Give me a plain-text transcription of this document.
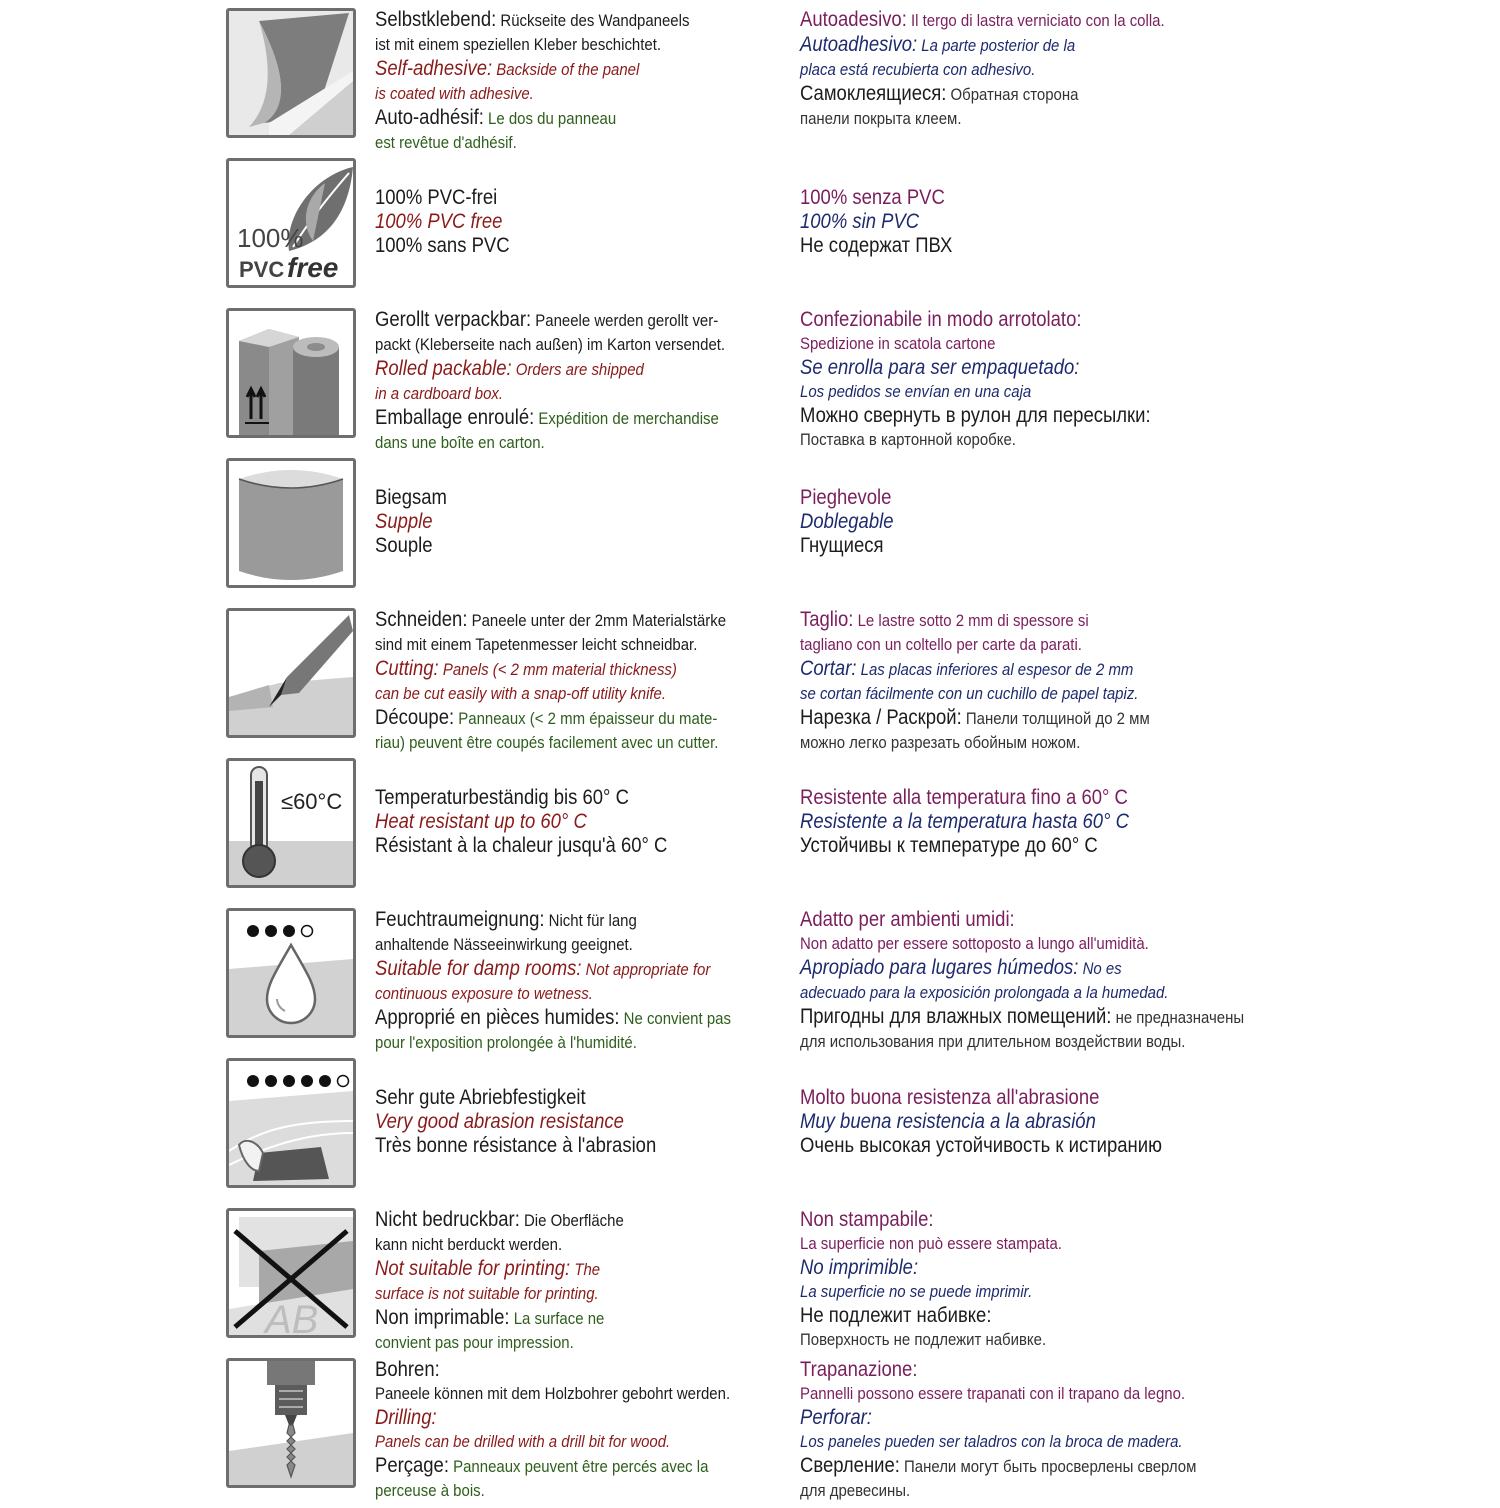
Selbstklebend: Rückseite des Wandpaneels
ist mit einem speziellen Kleber beschichtet.
Self-adhesive: Backside of the panel
is coated with adhesive.
Auto-adhésif: Le dos du panneau
est revêtue d'adhésif.
Autoadesivo: Il tergo di lastra verniciato con la colla.
Autoadhesivo: La parte posterior de la
placa está recubierta con adhesivo.
Самоклеящиеся: Обратная сторона
панели покрыта клеем.
100%
PVC free
100% PVC-frei
100% PVC free
100% sans PVC
100% senza PVC
100% sin PVC
Не содержат ПВХ
Gerollt verpackbar: Paneele werden gerollt ver-
packt (Kleberseite nach außen) im Karton versendet.
Rolled packable: Orders are shipped
in a cardboard box.
Emballage enroulé: Expédition de merchandise
dans une boîte en carton.
Confezionabile in modo arrotolato:
Spedizione in scatola cartone
Se enrolla para ser empaquetado:
Los pedidos se envían en una caja
Можно свернуть в рулон для пересылки:
Поставка в картонной коробке.
Biegsam
Supple
Souple
Pieghevole
Doblegable
Гнущиеся
Schneiden: Paneele unter der 2mm Materialstärke
sind mit einem Tapetenmesser leicht schneidbar.
Cutting: Panels (< 2 mm material thickness)
can be cut easily with a snap-off utility knife.
Découpe: Panneaux (< 2 mm épaisseur du mate-
riau) peuvent être coupés facilement avec un cutter.
Taglio: Le lastre sotto 2 mm di spessore si
tagliano con un coltello per carte da parati.
Cortar: Las placas inferiores al espesor de 2 mm
se cortan fácilmente con un cuchillo de papel tapiz.
Нарезка / Раскрой: Панели толщиной до 2 мм
можно легко разрезать обойным ножом.
≤60°C Temperaturbeständig bis 60° C
Heat resistant up to 60° C
Résistant à la chaleur jusqu'à 60° C
Resistente alla temperatura fino a 60° C
Resistente a la temperatura hasta 60° C
Устойчивы к температуре до 60° C
Feuchtraumeignung: Nicht für lang
anhaltende Nässeeinwirkung geeignet.
Suitable for damp rooms: Not appropriate for
continuous exposure to wetness.
Approprié en pièces humides: Ne convient pas
pour l'exposition prolongée à l'humidité.
Adatto per ambienti umidi:
Non adatto per essere sottoposto a lungo all'umidità.
Apropiado para lugares húmedos: No es
adecuado para la exposición prolongada a la humedad.
Пригодны для влажных помещений: не предназначены
для использования при длительном воздействии воды.
Sehr gute Abriebfestigkeit
Very good abrasion resistance
Très bonne résistance à l'abrasion
Molto buona resistenza all'abrasione
Muy buena resistencia a la abrasión
Очень высокая устойчивость к истиранию
AB
Nicht bedruckbar: Die Oberfläche
kann nicht berduckt werden.
Not suitable for printing: The
surface is not suitable for printing.
Non imprimable: La surface ne
convient pas pour impression.
Non stampabile:
La superficie non può essere stampata.
No imprimible:
La superficie no se puede imprimir.
Не подлежит набивке:
Поверхность не подлежит набивке.
Bohren:
Paneele können mit dem Holzbohrer gebohrt werden.
Drilling:
Panels can be drilled with a drill bit for wood.
Perçage: Panneaux peuvent être percés avec la
perceuse à bois.
Trapanazione:
Pannelli possono essere trapanati con il trapano da legno.
Perforar:
Los paneles pueden ser taladros con la broca de madera.
Сверление: Панели могут быть просверлены сверлом
для древесины.
